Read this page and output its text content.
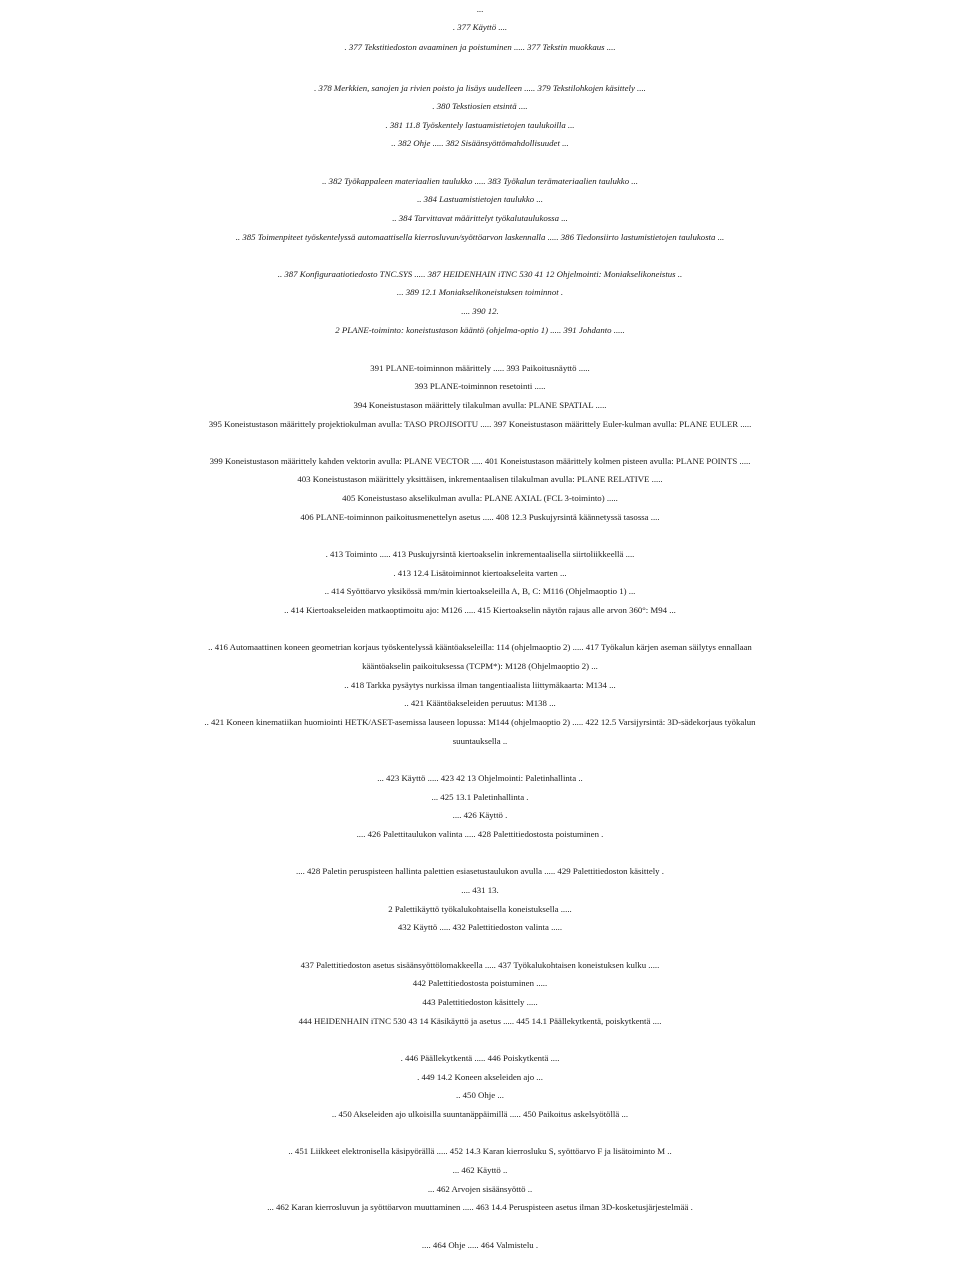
...
. 377 Käyttö ....
. 377 Tekstitiedoston avaaminen ja poistuminen ..... 377 Tekstin muokkaus ....
. 378 Merkkien, sanojen ja rivien poisto ja lisäys uudelleen ..... 379 Tekstilohkojen käsittely ....
. 380 Tekstiosien etsintä ....
. 381 11.8 Työskentely lastuamistietojen taulukoilla ...
.. 382 Ohje ..... 382 Sisäänsyöttömahdollisuudet ...
.. 382 Työkappaleen materiaalien taulukko ..... 383 Työkalun terämateriaalien taulukko ...
.. 384 Lastuamistietojen taulukko ...
.. 384 Tarvittavat määrittelyt työkalutaulukossa ...
.. 385 Toimenpiteet työskentelyssä automaattisella kierrosluvun/syöttöarvon laskennalla ..... 386 Tiedonsiirto lastumistietojen taulukosta ...
.. 387 Konfiguraatiotiedosto TNC.SYS ..... 387 HEIDENHAIN iTNC 530 41 12 Ohjelmointi: Moniakselikoneistus ..
... 389 12.1 Moniakselikoneistuksen toiminnot .
.... 390 12.
2 PLANE-toiminto: koneistustason kääntö (ohjelma-optio 1) ..... 391 Johdanto .....
391 PLANE-toiminnon määrittely ..... 393 Paikoitusnäyttö .....
393 PLANE-toiminnon resetointi .....
394 Koneistustason määrittely tilakulman avulla: PLANE SPATIAL .....
395 Koneistustason määrittely projektiokulman avulla: TASO PROJISOITU ..... 397 Koneistustason määrittely Euler-kulman avulla: PLANE EULER .....
399 Koneistustason määrittely kahden vektorin avulla: PLANE VECTOR ..... 401 Koneistustason määrittely kolmen pisteen avulla: PLANE POINTS .....
403 Koneistustason määrittely yksittäisen, inkrementaalisen tilakulman avulla: PLANE RELATIVE .....
405 Koneistustaso akselikulman avulla: PLANE AXIAL (FCL 3-toiminto) .....
406 PLANE-toiminnon paikoitusmenettelyn asetus ..... 408 12.3 Puskujyrsintä käännetyssä tasossa ....
. 413 Toiminto ..... 413 Puskujyrsintä kiertoakselin inkrementaalisella siirtoliikkeellä ....
. 413 12.4 Lisätoiminnot kiertoakseleita varten ...
.. 414 Syöttöarvo yksikössä mm/min kiertoakseleilla A, B, C: M116 (Ohjelmaoptio 1) ...
.. 414 Kiertoakseleiden matkaoptimoitu ajo: M126 ..... 415 Kiertoakselin näytön rajaus alle arvon 360°: M94 ...
.. 416 Automaattinen koneen geometrian korjaus työskentelyssä kääntöakseleilla: 114 (ohjelmaoptio 2) ..... 417 Työkalun kärjen aseman säilytys ennallaan
kääntöakselin paikoituksessa (TCPM*): M128 (Ohjelmaoptio 2) ...
.. 418 Tarkka pysäytys nurkissa ilman tangentiaalista liittymäkaarta: M134 ...
.. 421 Kääntöakseleiden peruutus: M138 ...
.. 421 Koneen kinematiikan huomiointi HETK/ASET-asemissa lauseen lopussa: M144 (ohjelmaoptio 2) ..... 422 12.5 Varsijyrsintä: 3D-sädekorjaus työkalun
suuntauksella ..
... 423 Käyttö ..... 423 42 13 Ohjelmointi: Paletinhallinta ..
... 425 13.1 Paletinhallinta .
.... 426 Käyttö .
.... 426 Palettitaulukon valinta ..... 428 Palettitiedostosta poistuminen .
.... 428 Paletin peruspisteen hallinta palettien esiasetustaulukon avulla ..... 429 Palettitiedoston käsittely .
.... 431 13.
2 Palettikäyttö työkalukohtaisella koneistuksella .....
432 Käyttö ..... 432 Palettitiedoston valinta .....
437 Palettitiedoston asetus sisäänsyöttölomakkeella ..... 437 Työkalukohtaisen koneistuksen kulku .....
442 Palettitiedostosta poistuminen .....
443 Palettitiedoston käsittely .....
444 HEIDENHAIN iTNC 530 43 14 Käsikäyttö ja asetus ..... 445 14.1 Päällekytkentä, poiskytkentä ....
. 446 Päällekytkentä ..... 446 Poiskytkentä ....
. 449 14.2 Koneen akseleiden ajo ...
.. 450 Ohje ...
.. 450 Akseleiden ajo ulkoisilla suuntanäppäimillä ..... 450 Paikoitus askelsyötöllä ...
.. 451 Liikkeet elektronisella käsipyörällä ..... 452 14.3 Karan kierrosluku S, syöttöarvo F ja lisätoiminto M ..
... 462 Käyttö ..
... 462 Arvojen sisäänsyöttö ..
... 462 Karan kierrosluvun ja syöttöarvon muuttaminen ..... 463 14.4 Peruspisteen asetus ilman 3D-kosketusjärjestelmää .
.... 464 Ohje ..... 464 Valmistelu .
